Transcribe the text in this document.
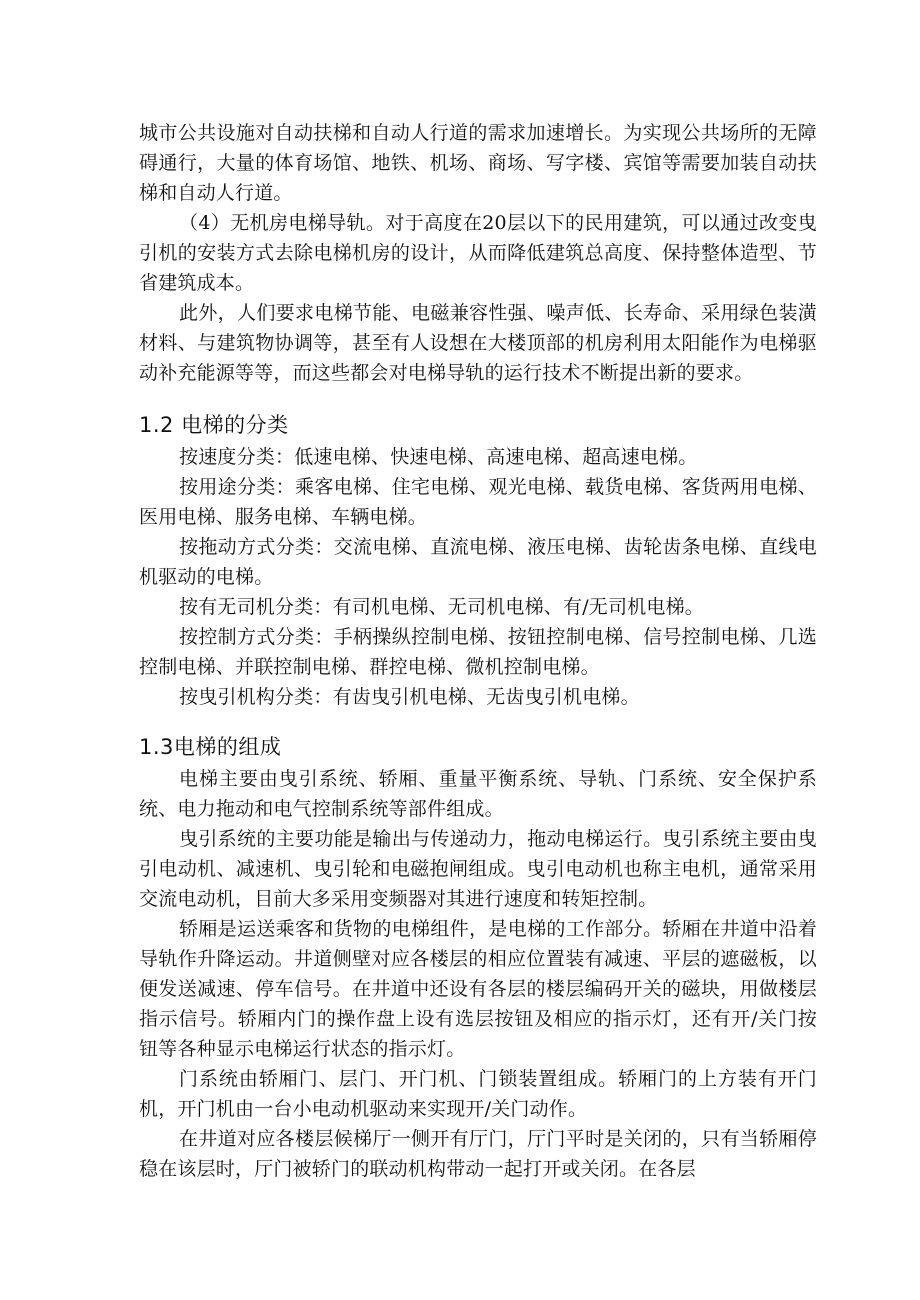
城市公共设施对自动扶梯和自动人行道的需求加速增长。为实现公共场所的无障碍通行，大量的体育场馆、地铁、机场、商场、写字楼、宾馆等需要加装自动扶梯和自动人行道。

（4）无机房电梯导轨。对于高度在20层以下的民用建筑，可以通过改变曳引机的安装方式去除电梯机房的设计，从而降低建筑总高度、保持整体造型、节省建筑成本。

此外，人们要求电梯节能、电磁兼容性强、噪声低、长寿命、采用绿色装潢材料、与建筑物协调等，甚至有人设想在大楼顶部的机房利用太阳能作为电梯驱动补充能源等等，而这些都会对电梯导轨的运行技术不断提出新的要求。

1.2 电梯的分类

按速度分类：低速电梯、快速电梯、高速电梯、超高速电梯。

按用途分类：乘客电梯、住宅电梯、观光电梯、载货电梯、客货两用电梯、医用电梯、服务电梯、车辆电梯。

按拖动方式分类：交流电梯、直流电梯、液压电梯、齿轮齿条电梯、直线电机驱动的电梯。

按有无司机分类：有司机电梯、无司机电梯、有/无司机电梯。

按控制方式分类：手柄操纵控制电梯、按钮控制电梯、信号控制电梯、几选控制电梯、并联控制电梯、群控电梯、微机控制电梯。

按曳引机构分类：有齿曳引机电梯、无齿曳引机电梯。

1.3电梯的组成

电梯主要由曳引系统、轿厢、重量平衡系统、导轨、门系统、安全保护系统、电力拖动和电气控制系统等部件组成。

曳引系统的主要功能是输出与传递动力，拖动电梯运行。曳引系统主要由曳引电动机、减速机、曳引轮和电磁抱闸组成。曳引电动机也称主电机，通常采用交流电动机，目前大多采用变频器对其进行速度和转矩控制。

轿厢是运送乘客和货物的电梯组件，是电梯的工作部分。轿厢在井道中沿着导轨作升降运动。井道侧壁对应各楼层的相应位置装有减速、平层的遮磁板，以便发送减速、停车信号。在井道中还设有各层的楼层编码开关的磁块，用做楼层指示信号。轿厢内门的操作盘上设有选层按钮及相应的指示灯，还有开/关门按钮等各种显示电梯运行状态的指示灯。

门系统由轿厢门、层门、开门机、门锁装置组成。轿厢门的上方装有开门机，开门机由一台小电动机驱动来实现开/关门动作。

在井道对应各楼层候梯厅一侧开有厅门，厅门平时是关闭的，只有当轿厢停稳在该层时，厅门被轿门的联动机构带动一起打开或关闭。在各层
